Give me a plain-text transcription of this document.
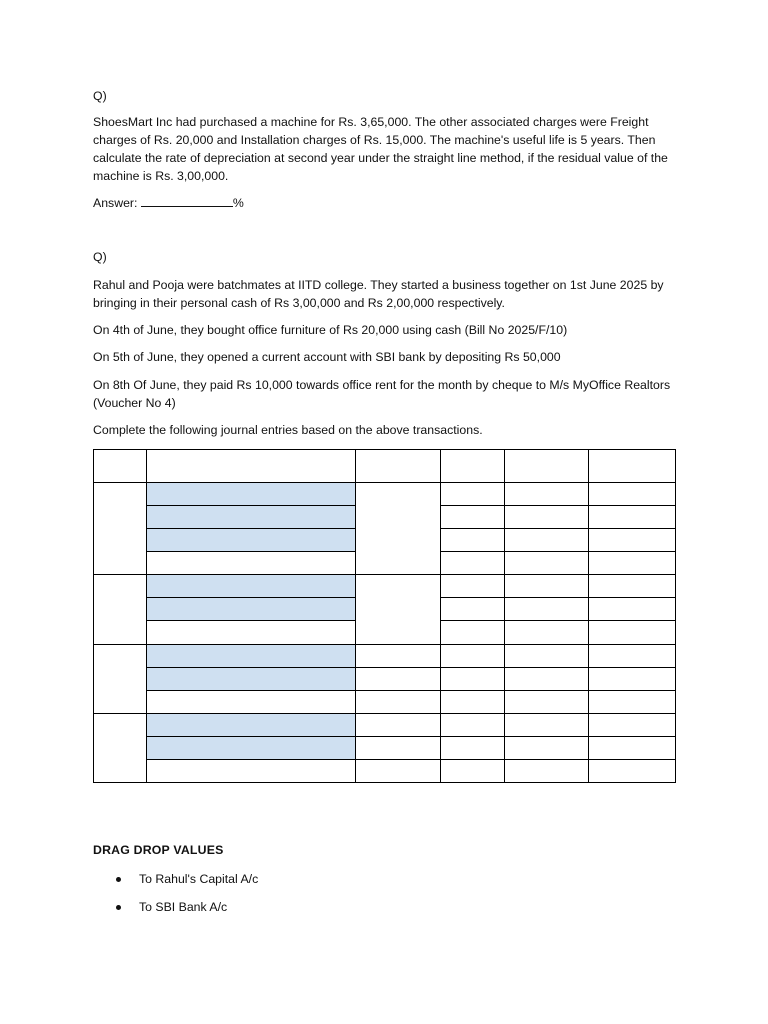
Q)

ShoesMart Inc had purchased a machine for Rs. 3,65,000. The other associated charges were Freight charges of Rs. 20,000 and Installation charges of Rs. 15,000. The machine's useful life is 5 years. Then calculate the rate of depreciation at second year under the straight line method, if the residual value of the machine is Rs. 3,00,000.

Answer:	%

Q)

Rahul and Pooja were batchmates at IITD college. They started a business together on 1st June 2025 by bringing in their personal cash of Rs 3,00,000 and Rs 2,00,000 respectively.

On 4th of June, they bought office furniture of Rs 20,000 using cash (Bill No 2025/F/10)

On 5th of June, they opened a current account with SBI bank by depositing Rs 50,000

On 8th Of June, they paid Rs 10,000 towards office rent for the month by cheque to M/s MyOffice Realtors (Voucher No 4)

Complete the following journal entries based on the above transactions.

DRAG DROP VALUES
To Rahul's Capital A/c
To SBI Bank A/c
